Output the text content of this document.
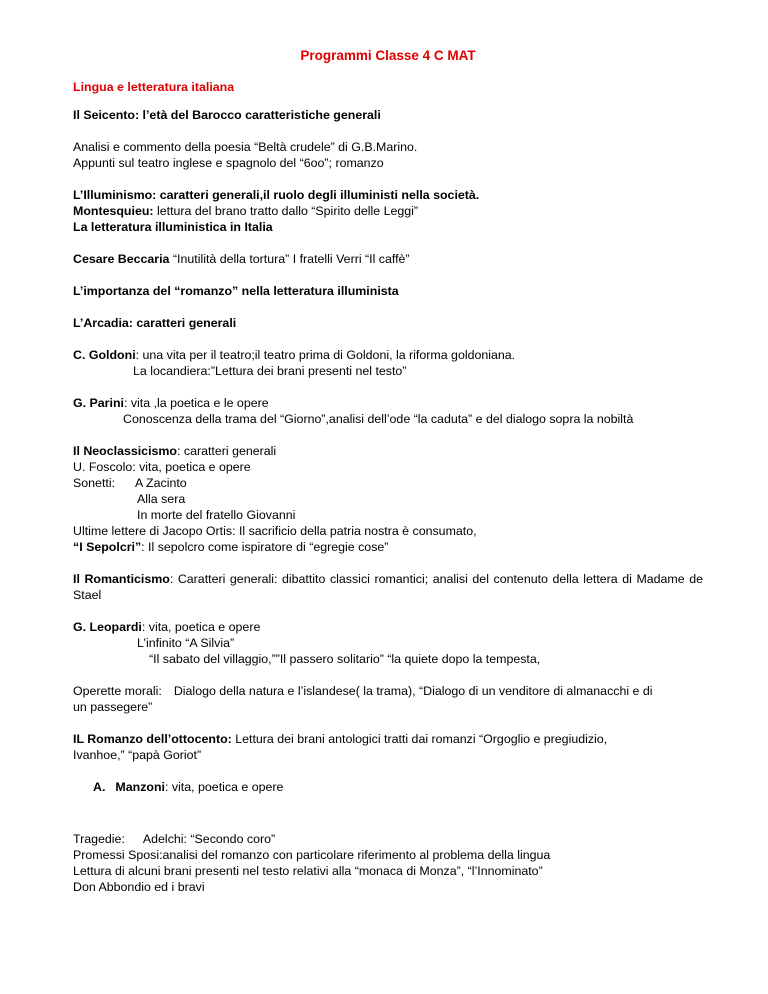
Programmi Classe 4 C MAT
Lingua e letteratura italiana
Il Seicento: l’età del Barocco caratteristiche generali
Analisi e commento della poesia “Beltà crudele” di G.B.Marino.
Appunti sul teatro inglese e spagnolo del “6oo”; romanzo
L’Illuminismo: caratteri generali,il ruolo degli illuministi nella società.
Montesquieu: lettura del brano tratto dallo “Spirito delle Leggi”
La letteratura illuministica in Italia
Cesare Beccaria “Inutilità della tortura” I fratelli Verri “Il caffè”
L’importanza del “romanzo” nella letteratura illuminista
L’Arcadia: caratteri generali
C. Goldoni: una vita per il teatro;il teatro prima di Goldoni, la riforma goldoniana.
La locandiera:”Lettura dei brani presenti nel testo”
G. Parini: vita ,la poetica e le opere
Conoscenza della trama del “Giorno”,analisi dell’ode “la caduta” e del dialogo sopra la nobiltà
Il Neoclassicismo: caratteri generali
U. Foscolo: vita, poetica e opere
Sonetti: A Zacinto
Alla sera
In morte del fratello Giovanni
Ultime lettere di Jacopo Ortis: Il sacrificio della patria nostra è consumato,
“I Sepolcri”: Il sepolcro come ispiratore di “egregie cose”
Il Romanticismo: Caratteri generali: dibattito classici romantici; analisi del contenuto della lettera di Madame de Stael
G. Leopardi: vita, poetica e opere
L’infinito “A Silvia”
“Il sabato del villaggio,””Il passero solitario” “la quiete dopo la tempesta,
Operette morali: Dialogo della natura e l’islandese( la trama), “Dialogo di un venditore di almanacchi e di
un passegere”
IL Romanzo dell’ottocento: Lettura dei brani antologici tratti dai romanzi “Orgoglio e pregiudizio,
Ivanhoe,” “papà Goriot”
A. Manzoni: vita, poetica e opere
Tragedie: Adelchi: “Secondo coro”
Promessi Sposi:analisi del romanzo con particolare riferimento al problema della lingua
Lettura di alcuni brani presenti nel testo relativi alla “monaca di Monza”, “l’Innominato”
Don Abbondio ed i bravi
